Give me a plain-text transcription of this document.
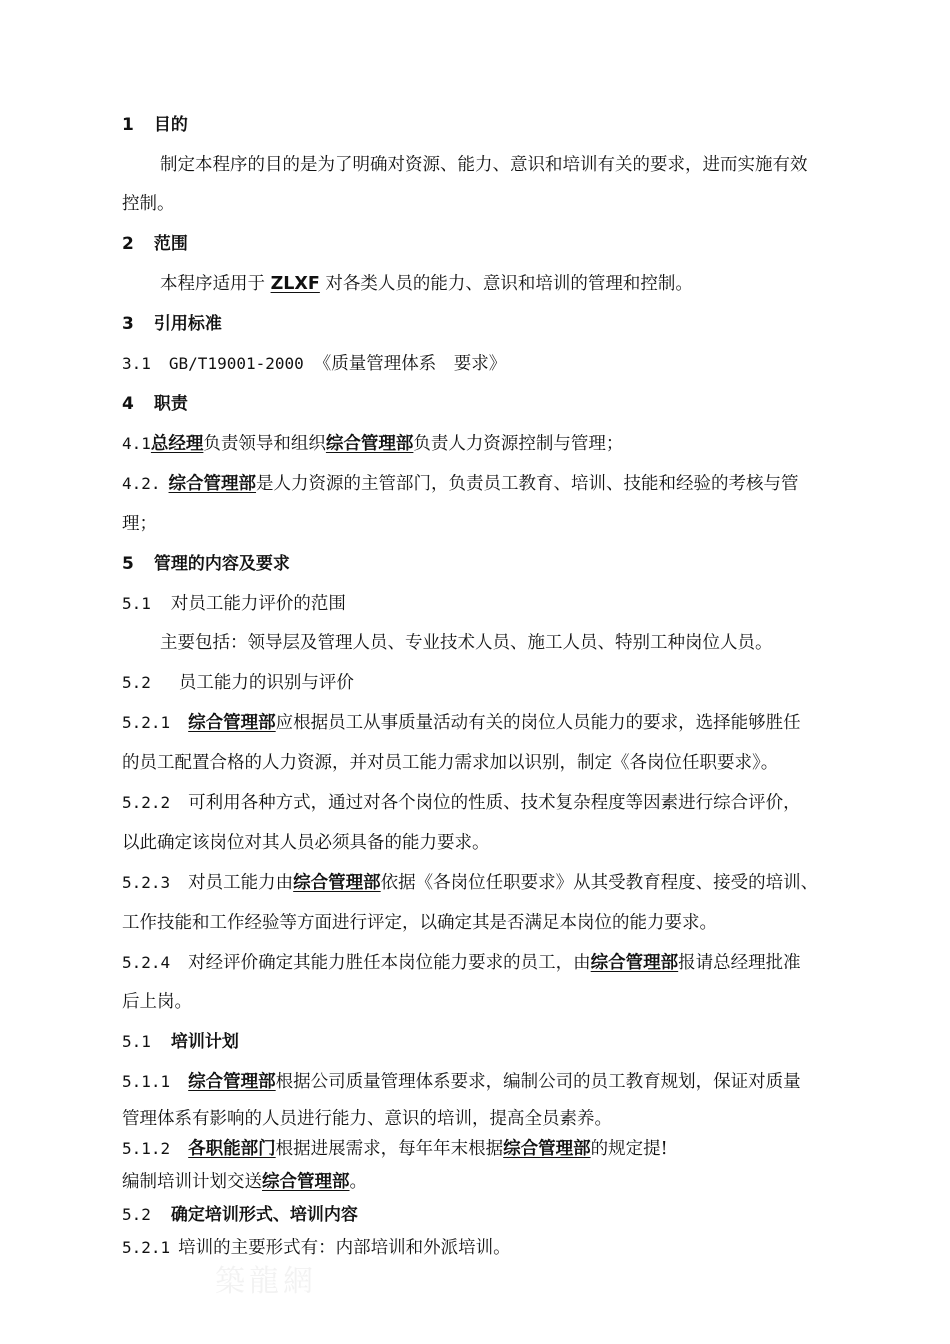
1 目的
制定本程序的目的是为了明确对资源、能力、意识和培训有关的要求，进而实施有效
控制。
2 范围
本程序适用于 ZLXF 对各类人员的能力、意识和培训的管理和控制。
3 引用标准
3.1 GB/T19001-2000 《质量管理体系　要求》
4 职责
4.1总经理负责领导和组织综合管理部负责人力资源控制与管理；
4.2. 综合管理部是人力资源的主管部门，负责员工教育、培训、技能和经验的考核与管
理；
5 管理的内容及要求
5.1 对员工能力评价的范围
主要包括：领导层及管理人员、专业技术人员、施工人员、特别工种岗位人员。
5.2 员工能力的识别与评价
5.2.1 综合管理部应根据员工从事质量活动有关的岗位人员能力的要求，选择能够胜任
的员工配置合格的人力资源，并对员工能力需求加以识别，制定《各岗位任职要求》。
5.2.2 可利用各种方式，通过对各个岗位的性质、技术复杂程度等因素进行综合评价，
以此确定该岗位对其人员必须具备的能力要求。
5.2.3 对员工能力由综合管理部依据《各岗位任职要求》从其受教育程度、接受的培训、
工作技能和工作经验等方面进行评定，以确定其是否满足本岗位的能力要求。
5.2.4 对经评价确定其能力胜任本岗位能力要求的员工，由综合管理部报请总经理批准
后上岗。
5.1 培训计划
5.1.1 综合管理部根据公司质量管理体系要求，编制公司的员工教育规划，保证对质量
管理体系有影响的人员进行能力、意识的培训，提高全员素养。
5.1.2 各职能部门根据进展需求，每年年末根据综合管理部的规定提!
编制培训计划交送综合管理部。
5.2 确定培训形式、培训内容
5.2.1 培训的主要形式有：内部培训和外派培训。
築龍網
